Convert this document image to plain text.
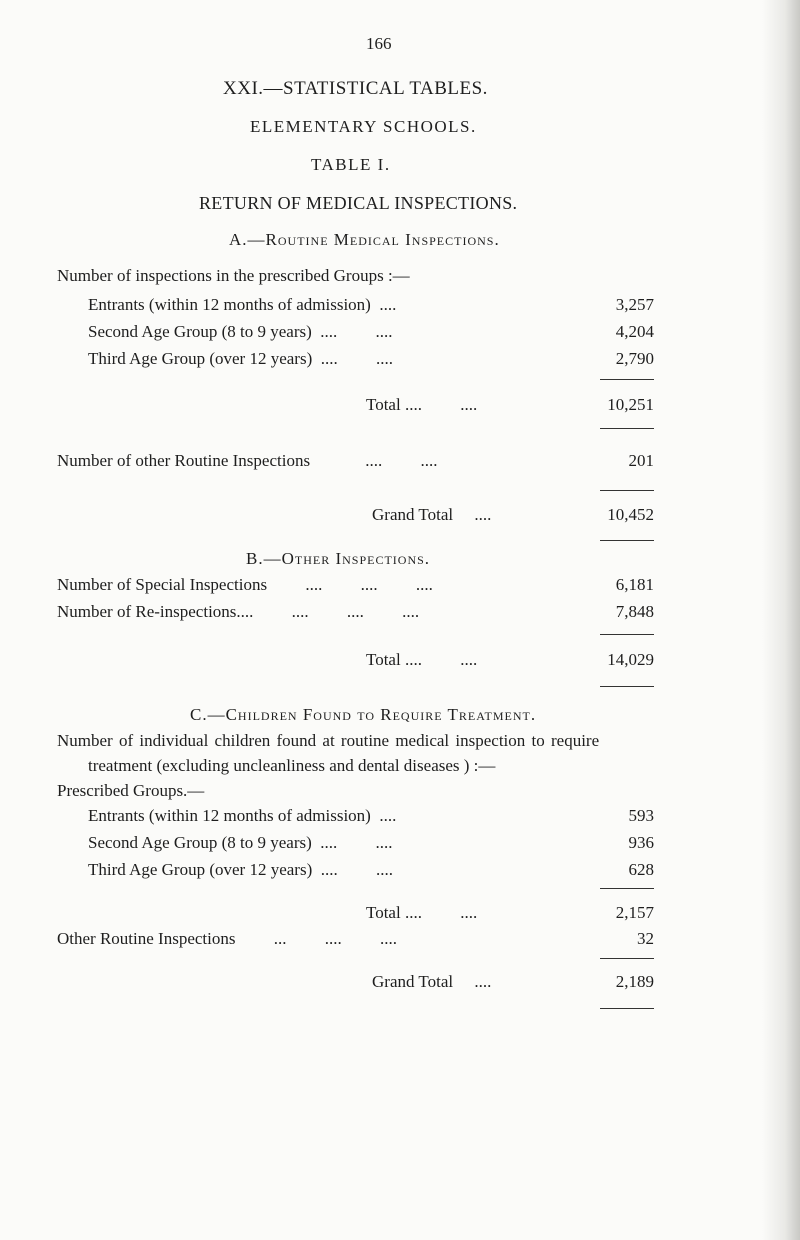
166
XXI.—STATISTICAL TABLES.
ELEMENTARY SCHOOLS.
TABLE I.
RETURN OF MEDICAL INSPECTIONS.
A.—Routine Medical Inspections.
Number of inspections in the prescribed Groups :—
Entrants (within 12 months of admission)  ....	3,257
Second Age Group (8 to 9 years)  ....         ....	4,204
Third Age Group (over 12 years)  ....         ....	2,790
Total ....         ....	10,251
Number of other Routine Inspections             ....         ....	201
Grand Total     ....	10,452
B.—Other Inspections.
Number of Special Inspections         ....         ....         ....	6,181
Number of Re-inspections....         ....         ....         ....	7,848
Total ....         ....	14,029
C.—Children Found to Require Treatment.
Number of individual children found at routine medical inspection to require
treatment (excluding uncleanliness and dental diseases ) :—
Prescribed Groups.—
Entrants (within 12 months of admission)  ....	593
Second Age Group (8 to 9 years)  ....         ....	936
Third Age Group (over 12 years)  ....         ....	628
Total ....         ....	2,157
Other Routine Inspections         ...         ....         ....	32
Grand Total     ....	2,189
